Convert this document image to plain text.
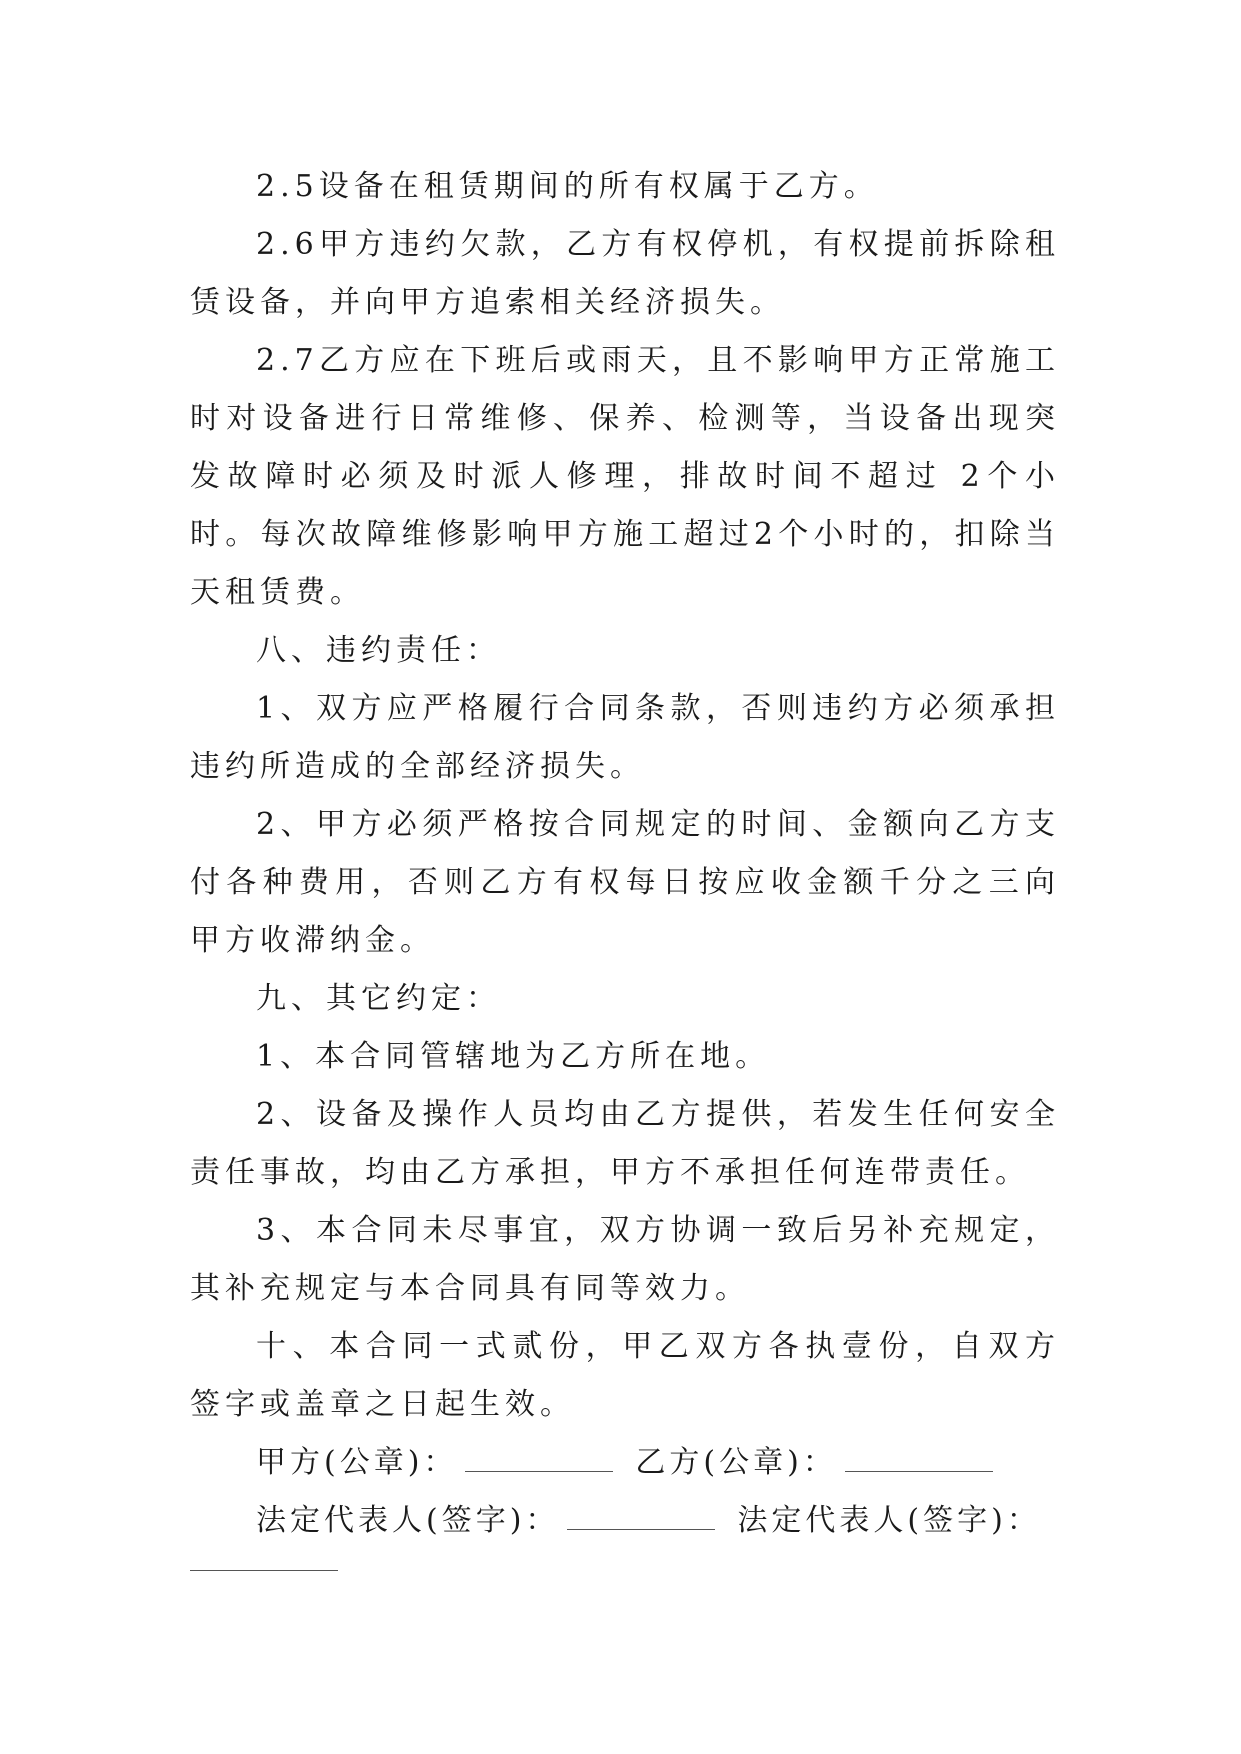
2.5设备在租赁期间的所有权属于乙方。

2.6甲方违约欠款，乙方有权停机，有权提前拆除租赁设备，并向甲方追索相关经济损失。

2.7乙方应在下班后或雨天，且不影响甲方正常施工时对设备进行日常维修、保养、检测等，当设备出现突发故障时必须及时派人修理，排故时间不超过 2个小时。每次故障维修影响甲方施工超过2个小时的，扣除当天租赁费。

八、违约责任：

1、双方应严格履行合同条款，否则违约方必须承担违约所造成的全部经济损失。

2、甲方必须严格按合同规定的时间、金额向乙方支付各种费用，否则乙方有权每日按应收金额千分之三向甲方收滞纳金。

九、其它约定：

1、本合同管辖地为乙方所在地。

2、设备及操作人员均由乙方提供，若发生任何安全责任事故，均由乙方承担，甲方不承担任何连带责任。

3、本合同未尽事宜，双方协调一致后另补充规定，其补充规定与本合同具有同等效力。

十、本合同一式贰份，甲乙双方各执壹份，自双方签字或盖章之日起生效。

甲方(公章)：	乙方(公章)：
法定代表人(签字)：	法定代表人(签字)：
